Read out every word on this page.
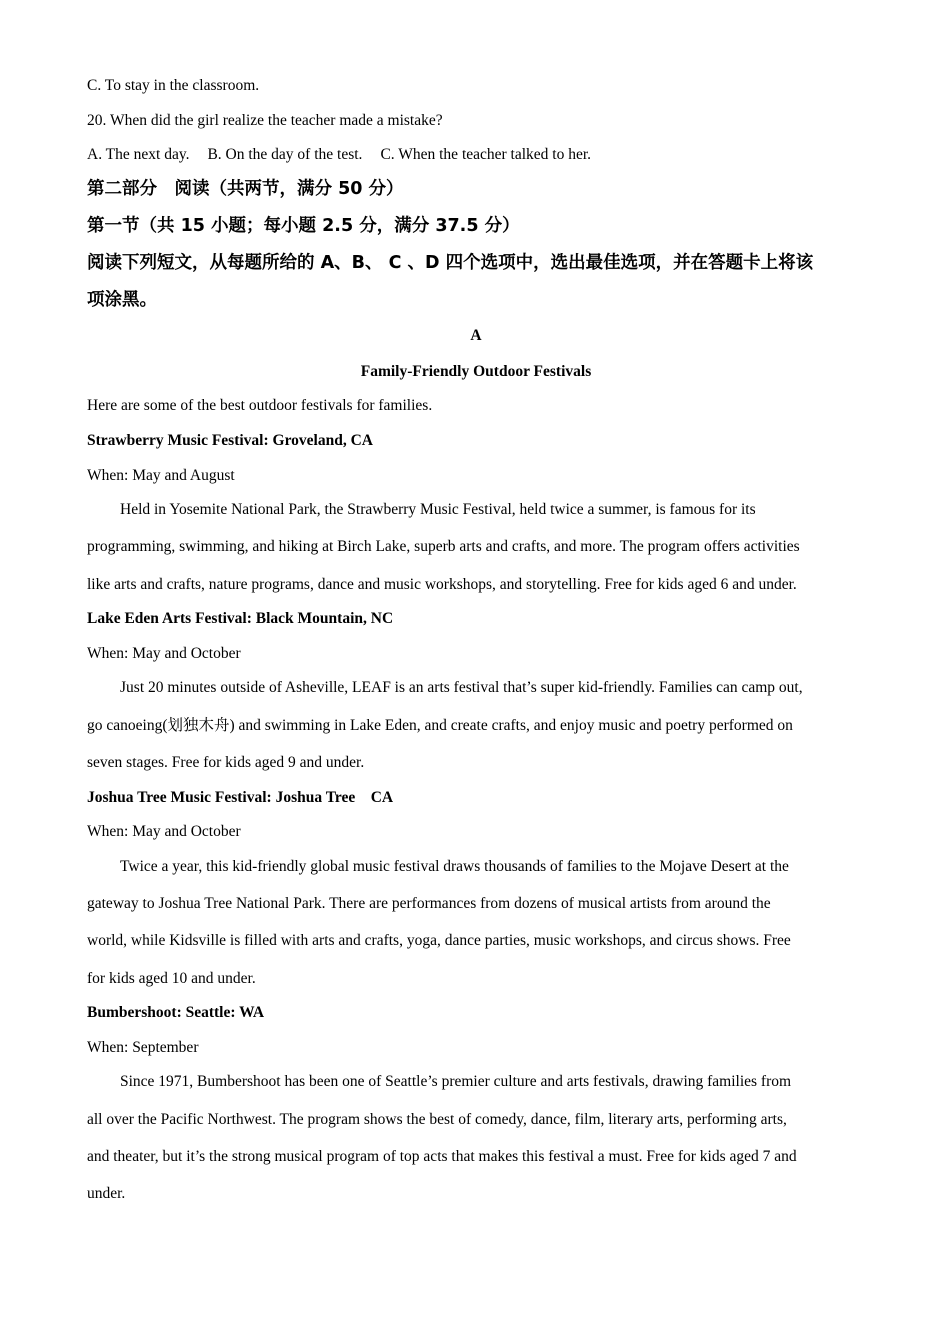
C. To stay in the classroom.
20. When did the girl realize the teacher made a mistake?
A. The next day. B. On the day of the test. C. When the teacher talked to her.
第二部分　阅读（共两节，满分 50 分）
第一节（共 15 小题；每小题 2.5 分，满分 37.5 分）
阅读下列短文，从每题所给的 A、B、 C 、D 四个选项中，选出最佳选项，并在答题卡上将该
项涂黑。
A
Family-Friendly Outdoor Festivals
Here are some of the best outdoor festivals for families.
Strawberry Music Festival: Groveland, CA
When: May and August
Held in Yosemite National Park, the Strawberry Music Festival, held twice a summer, is famous for its
programming, swimming, and hiking at Birch Lake, superb arts and crafts, and more. The program offers activities
like arts and crafts, nature programs, dance and music workshops, and storytelling. Free for kids aged 6 and under.
Lake Eden Arts Festival: Black Mountain, NC
When: May and October
Just 20 minutes outside of Asheville, LEAF is an arts festival that’s super kid-friendly. Families can camp out,
go canoeing(划独木舟) and swimming in Lake Eden, and create crafts, and enjoy music and poetry performed on
seven stages. Free for kids aged 9 and under.
Joshua Tree Music Festival: Joshua Tree　CA
When: May and October
Twice a year, this kid-friendly global music festival draws thousands of families to the Mojave Desert at the
gateway to Joshua Tree National Park. There are performances from dozens of musical artists from around the
world, while Kidsville is filled with arts and crafts, yoga, dance parties, music workshops, and circus shows. Free
for kids aged 10 and under.
Bumbershoot: Seattle: WA
When: September
Since 1971, Bumbershoot has been one of Seattle’s premier culture and arts festivals, drawing families from
all over the Pacific Northwest. The program shows the best of comedy, dance, film, literary arts, performing arts,
and theater, but it’s the strong musical program of top acts that makes this festival a must. Free for kids aged 7 and
under.
